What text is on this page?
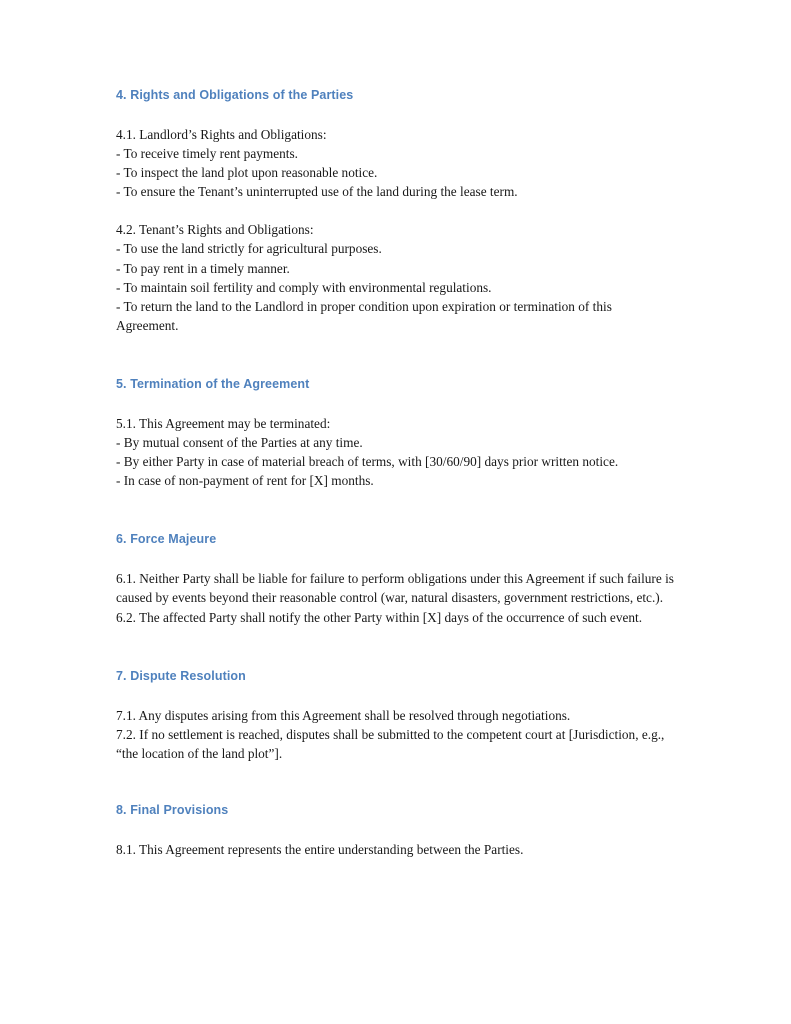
4. Rights and Obligations of the Parties

4.1. Landlord’s Rights and Obligations:

- To receive timely rent payments.

- To inspect the land plot upon reasonable notice.

- To ensure the Tenant’s uninterrupted use of the land during the lease term.

4.2. Tenant’s Rights and Obligations:

- To use the land strictly for agricultural purposes.

- To pay rent in a timely manner.

- To maintain soil fertility and comply with environmental regulations.

- To return the land to the Landlord in proper condition upon expiration or termination of this Agreement.

5. Termination of the Agreement

5.1. This Agreement may be terminated:

- By mutual consent of the Parties at any time.

- By either Party in case of material breach of terms, with [30/60/90] days prior written notice.

- In case of non-payment of rent for [X] months.

6. Force Majeure

6.1. Neither Party shall be liable for failure to perform obligations under this Agreement if such failure is caused by events beyond their reasonable control (war, natural disasters, government restrictions, etc.).

6.2. The affected Party shall notify the other Party within [X] days of the occurrence of such event.

7. Dispute Resolution

7.1. Any disputes arising from this Agreement shall be resolved through negotiations.

7.2. If no settlement is reached, disputes shall be submitted to the competent court at [Jurisdiction, e.g., “the location of the land plot”].

8. Final Provisions

8.1. This Agreement represents the entire understanding between the Parties.
